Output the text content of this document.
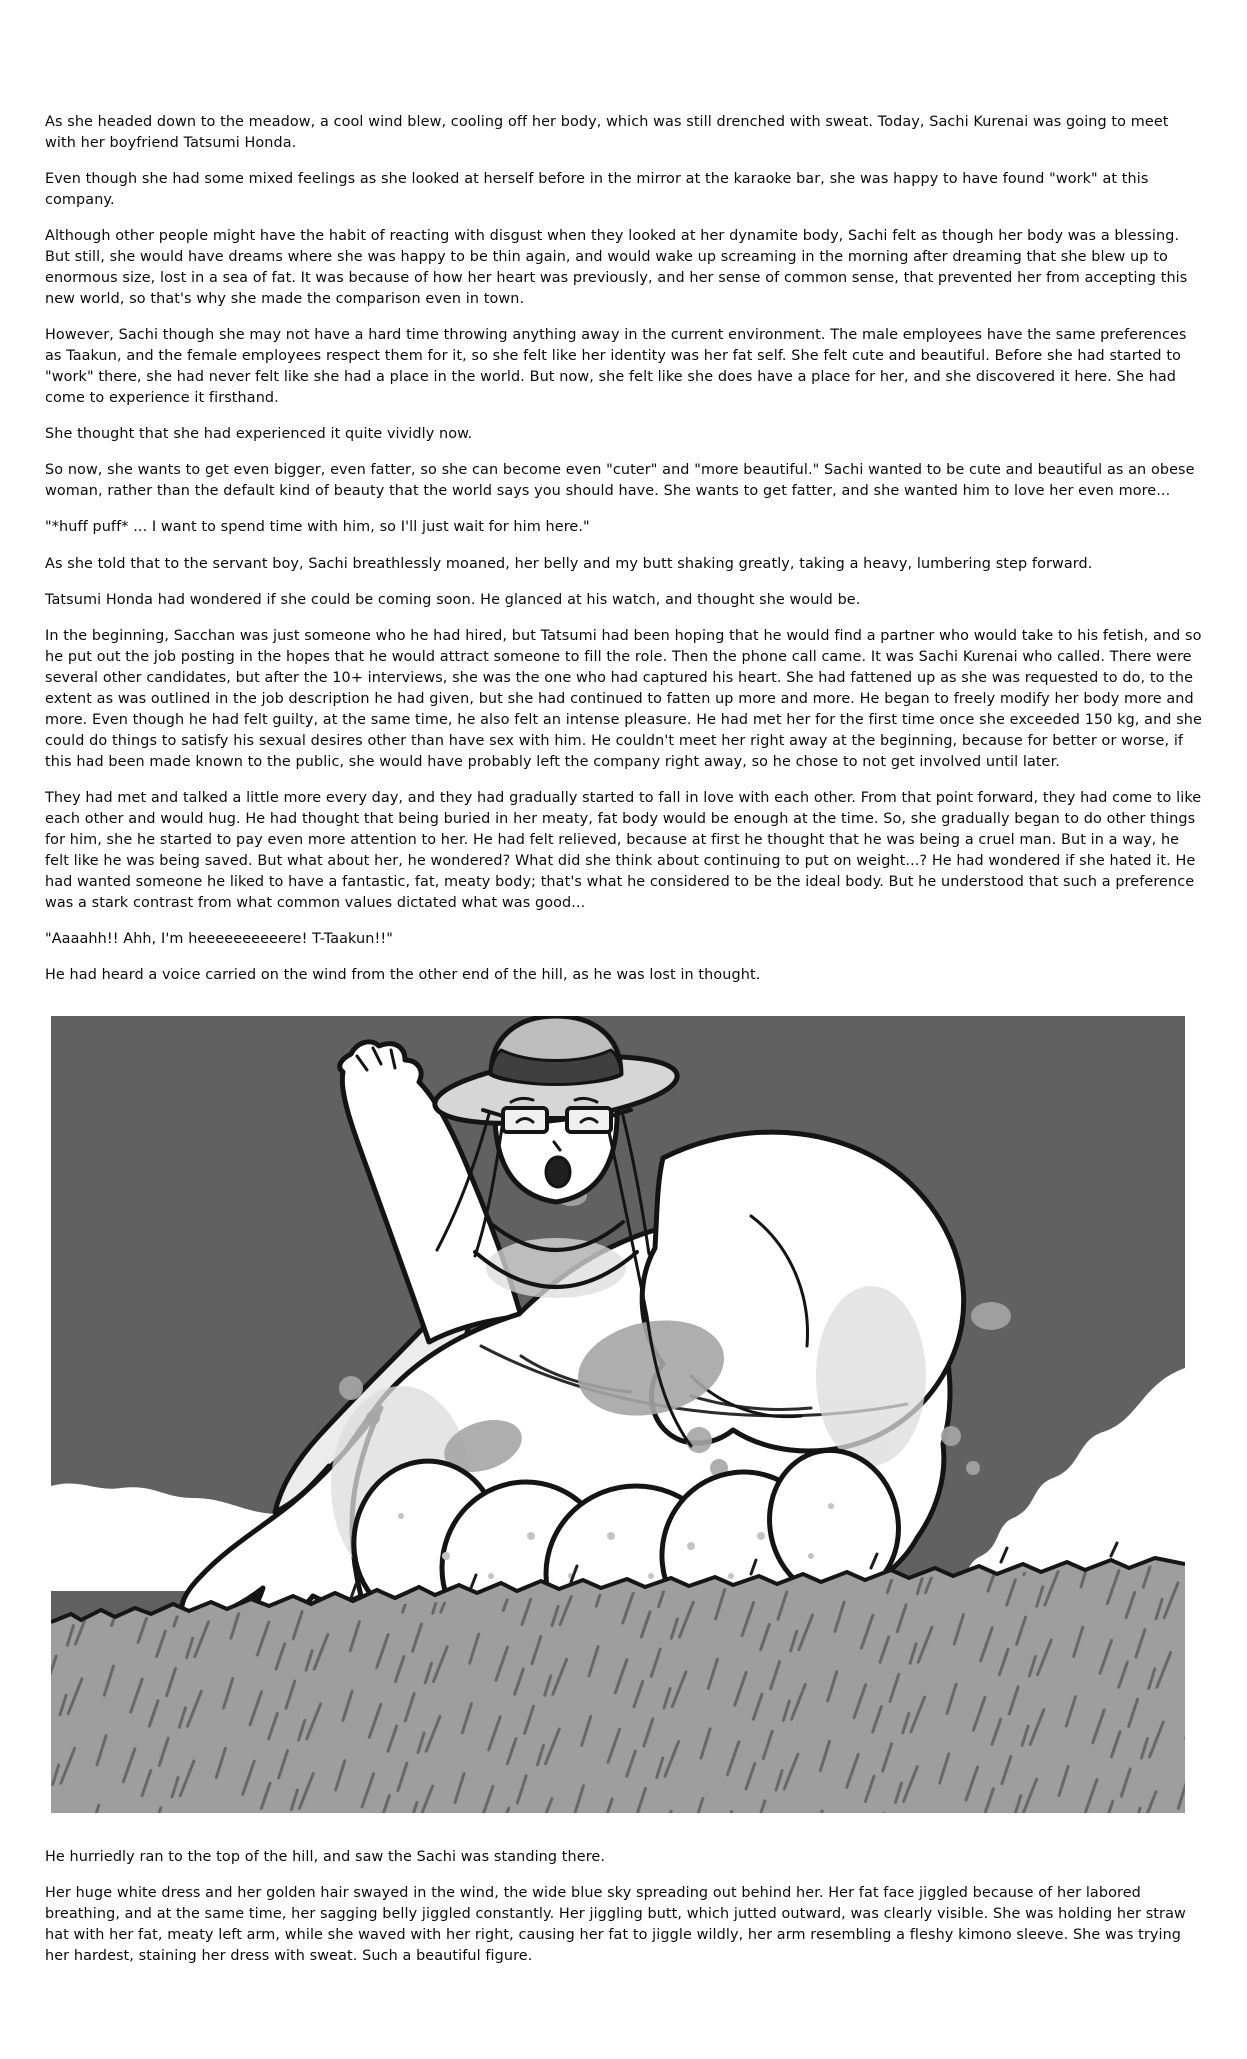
As she headed down to the meadow, a cool wind blew, cooling off her body, which was still drenched with sweat. Today, Sachi Kurenai was going to meet with her boyfriend Tatsumi Honda.

Even though she had some mixed feelings as she looked at herself before in the mirror at the karaoke bar, she was happy to have found "work" at this company.

Although other people might have the habit of reacting with disgust when they looked at her dynamite body, Sachi felt as though her body was a blessing. But still, she would have dreams where she was happy to be thin again, and would wake up screaming in the morning after dreaming that she blew up to enormous size, lost in a sea of fat. It was because of how her heart was previously, and her sense of common sense, that prevented her from accepting this new world, so that's why she made the comparison even in town.

However, Sachi though she may not have a hard time throwing anything away in the current environment. The male employees have the same preferences as Taakun, and the female employees respect them for it, so she felt like her identity was her fat self. She felt cute and beautiful. Before she had started to "work" there, she had never felt like she had a place in the world. But now, she felt like she does have a place for her, and she discovered it here. She had come to experience it firsthand.

She thought that she had experienced it quite vividly now.

So now, she wants to get even bigger, even fatter, so she can become even "cuter" and "more beautiful." Sachi wanted to be cute and beautiful as an obese woman, rather than the default kind of beauty that the world says you should have. She wants to get fatter, and she wanted him to love her even more...

"*huff puff* ... I want to spend time with him, so I'll just wait for him here."

As she told that to the servant boy, Sachi breathlessly moaned, her belly and my butt shaking greatly, taking a heavy, lumbering step forward.

Tatsumi Honda had wondered if she could be coming soon. He glanced at his watch, and thought she would be.

In the beginning, Sacchan was just someone who he had hired, but Tatsumi had been hoping that he would find a partner who would take to his fetish, and so he put out the job posting in the hopes that he would attract someone to fill the role. Then the phone call came. It was Sachi Kurenai who called. There were several other candidates, but after the 10+ interviews, she was the one who had captured his heart. She had fattened up as she was requested to do, to the extent as was outlined in the job description he had given, but she had continued to fatten up more and more. He began to freely modify her body more and more. Even though he had felt guilty, at the same time, he also felt an intense pleasure. He had met her for the first time once she exceeded 150 kg, and she could do things to satisfy his sexual desires other than have sex with him. He couldn't meet her right away at the beginning, because for better or worse, if this had been made known to the public, she would have probably left the company right away, so he chose to not get involved until later.

They had met and talked a little more every day, and they had gradually started to fall in love with each other. From that point forward, they had come to like each other and would hug. He had thought that being buried in her meaty, fat body would be enough at the time. So, she gradually began to do other things for him, she he started to pay even more attention to her. He had felt relieved, because at first he thought that he was being a cruel man. But in a way, he felt like he was being saved. But what about her, he wondered? What did she think about continuing to put on weight...? He had wondered if she hated it. He had wanted someone he liked to have a fantastic, fat, meaty body; that's what he considered to be the ideal body. But he understood that such a preference was a stark contrast from what common values dictated what was good...

"Aaaahh!! Ahh, I'm heeeeeeeeeere! T-Taakun!!"

He had heard a voice carried on the wind from the other end of the hill, as he was lost in thought.

He hurriedly ran to the top of the hill, and saw the Sachi was standing there.

Her huge white dress and her golden hair swayed in the wind, the wide blue sky spreading out behind her. Her fat face jiggled because of her labored breathing, and at the same time, her sagging belly jiggled constantly. Her jiggling butt, which jutted outward, was clearly visible. She was holding her straw hat with her fat, meaty left arm, while she waved with her right, causing her fat to jiggle wildly, her arm resembling a fleshy kimono sleeve. She was trying her hardest, staining her dress with sweat. Such a beautiful figure.
